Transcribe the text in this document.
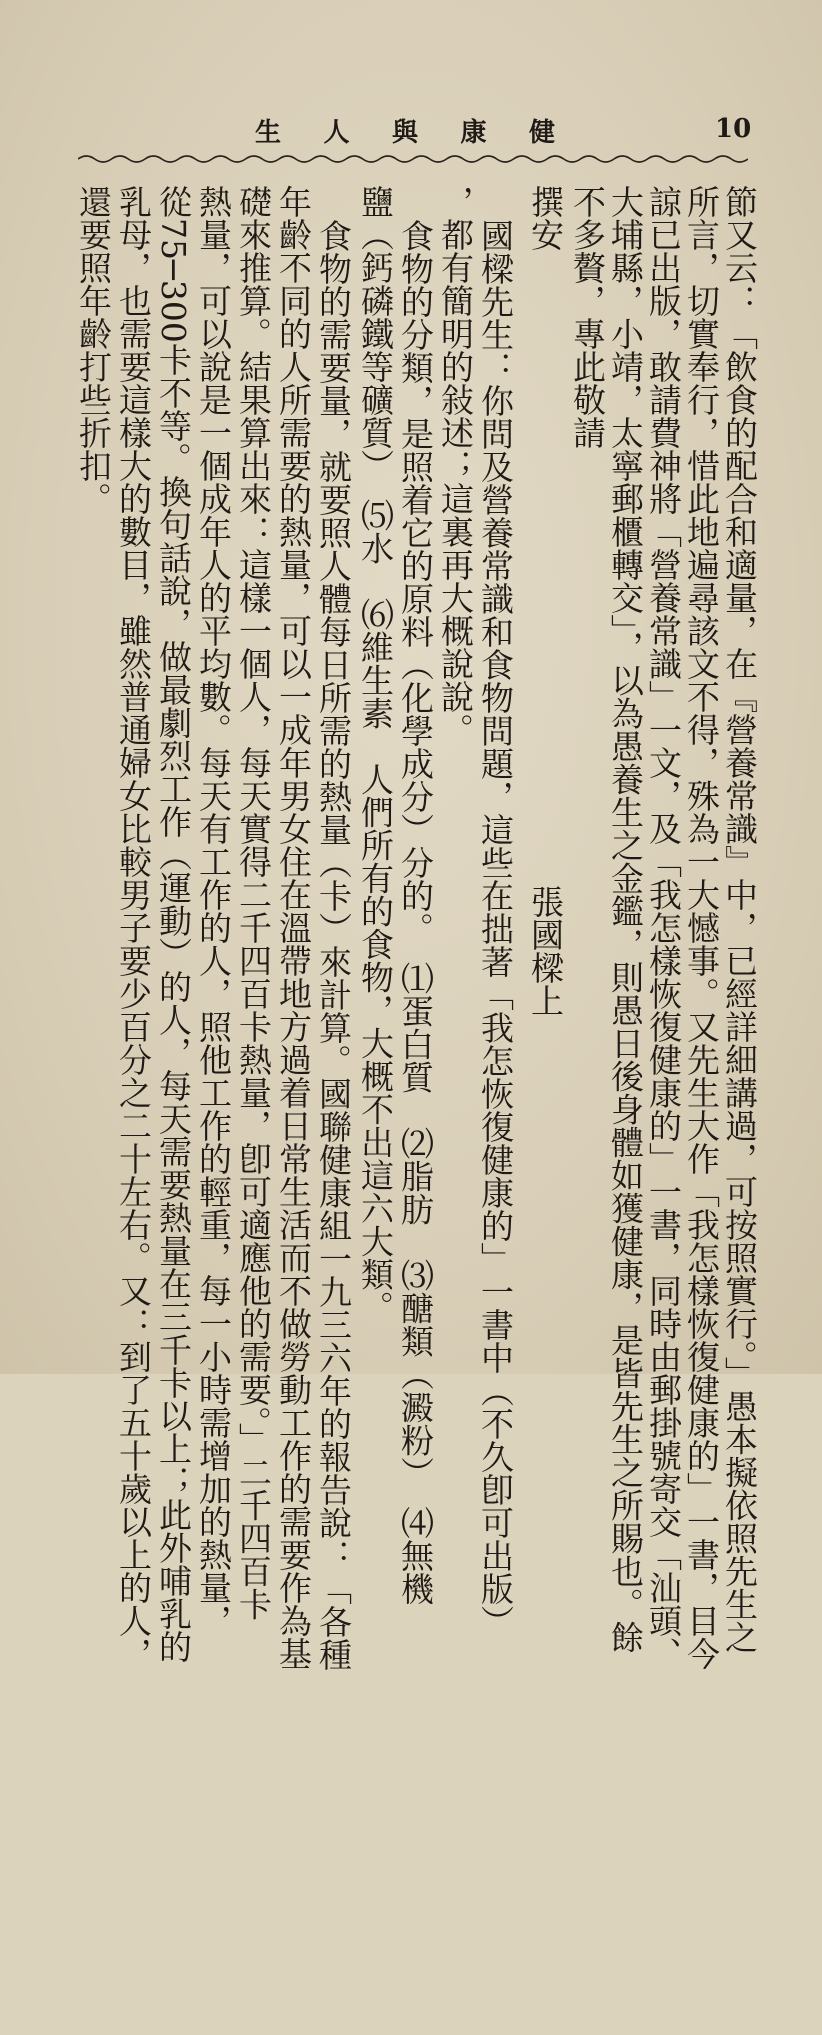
生 人 與 康 健	10
節又云：「飲食的配合和適量，在『營養常識』中，已經詳細講過，可按照實行。」愚本擬依照先生之
所言，切實奉行，惜此地遍尋該文不得，殊為一大憾事。又先生大作「我怎樣恢復健康的」一書，目今
諒已出版，敢請費神將「營養常識」一文，及「我怎樣恢復健康的」一書，同時由郵掛號寄交「汕頭、
大埔縣，小靖，太寧郵櫃轉交」，以為愚養生之金鑑，則愚日後身體如獲健康，是皆先生之所賜也。餘
不多贅，專此敬請
撰安
張國樑上
國樑先生：你問及營養常識和食物問題，這些在拙著「我怎恢復健康的」一書中（不久卽可出版）
，都有簡明的敍述；這裏再大概說說。
食物的分類，是照着它的原料（化學成分）分的。　⑴蛋白質　⑵脂肪　⑶醣類（澱粉）　⑷無機
鹽（鈣磷鐵等礦質）　⑸水　⑹維生素　人們所有的食物，大概不出這六大類。
食物的需要量，就要照人體每日所需的熱量（卡）來計算。國聯健康組一九三六年的報告說：「各種
年齡不同的人所需要的熱量，可以一成年男女住在溫帶地方過着日常生活而不做勞動工作的需要作為基
礎來推算。結果算出來：這樣一個人，每天實得二千四百卡熱量，卽可適應他的需要。」二千四百卡
熱量，可以說是一個成年人的平均數。每天有工作的人，照他工作的輕重，每一小時需增加的熱量，
從75─300卡不等。換句話說，做最劇烈工作（運動）的人，每天需要熱量在三千卡以上；此外哺乳的
乳母，也需要這樣大的數目，雖然普通婦女比較男子要少百分之二十左右。又：到了五十歲以上的人，
還要照年齡打些折扣。
